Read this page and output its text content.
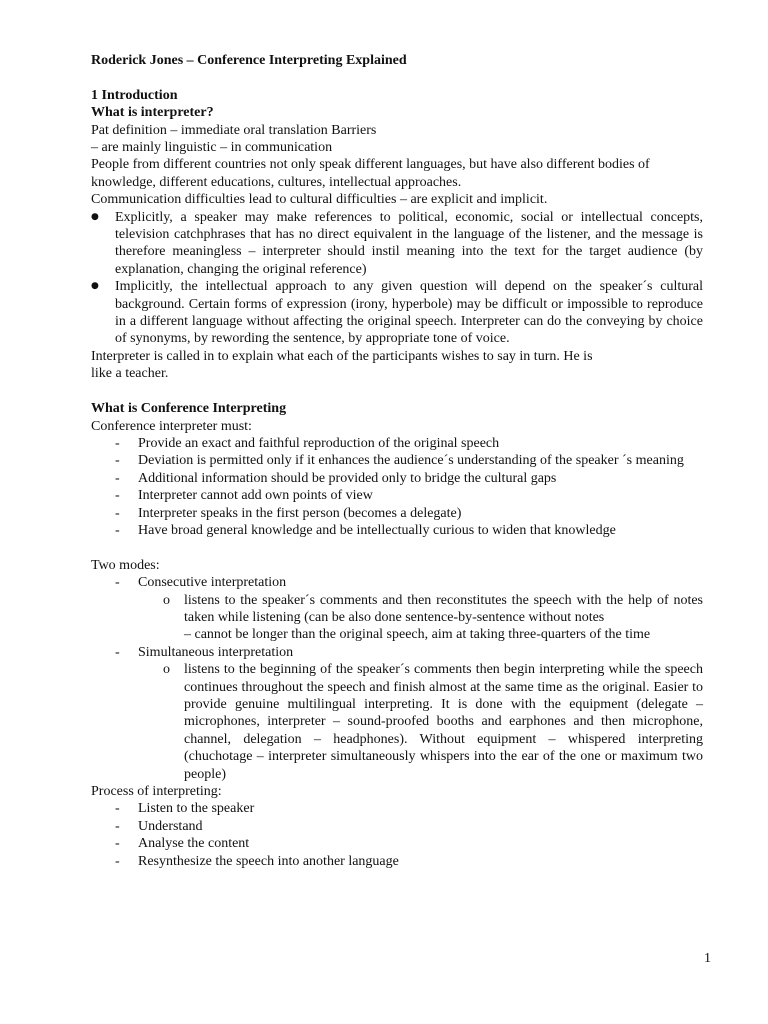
Roderick Jones – Conference Interpreting Explained

1 Introduction

What is interpreter?

Pat definition – immediate oral translation Barriers

– are mainly linguistic – in communication

People from different countries not only speak different languages, but have also different bodies of knowledge, different educations, cultures, intellectual approaches.

Communication difficulties lead to cultural difficulties – are explicit and implicit.

● Explicitly, a speaker may make references to political, economic, social or intellectual concepts, television catchphrases that has no direct equivalent in the language of the listener, and the message is therefore meaningless – interpreter should instil meaning into the text for the target audience (by explanation, changing the original reference)
● Implicitly, the intellectual approach to any given question will depend on the speaker´s cultural background. Certain forms of expression (irony, hyperbole) may be difficult or impossible to reproduce in a different language without affecting the original speech. Interpreter can do the conveying by choice of synonyms, by rewording the sentence, by appropriate tone of voice.

Interpreter is called in to explain what each of the participants wishes to say in turn. He is

like a teacher.

What is Conference Interpreting

Conference interpreter must:

- Provide an exact and faithful reproduction of the original speech
- Deviation is permitted only if it enhances the audience´s understanding of the speaker ´s meaning
- Additional information should be provided only to bridge the cultural gaps
- Interpreter cannot add own points of view
- Interpreter speaks in the first person (becomes a delegate)
- Have broad general knowledge and be intellectually curious to widen that knowledge

Two modes:

- Consecutive interpretation
o listens to the speaker´s comments and then reconstitutes the speech with the help of notes taken while listening (can be also done sentence-by-sentence without notes

– cannot be longer than the original speech, aim at taking three-quarters of the time

- Simultaneous interpretation
o listens to the beginning of the speaker´s comments then begin interpreting while the speech continues throughout the speech and finish almost at the same time as the original. Easier to provide genuine multilingual interpreting. It is done with the equipment (delegate – microphones, interpreter – sound-proofed booths and earphones and then microphone, channel, delegation – headphones). Without equipment – whispered interpreting (chuchotage – interpreter simultaneously whispers into the ear of the one or maximum two people)

Process of interpreting:

- Listen to the speaker
- Understand
- Analyse the content
- Resynthesize the speech into another language
1
